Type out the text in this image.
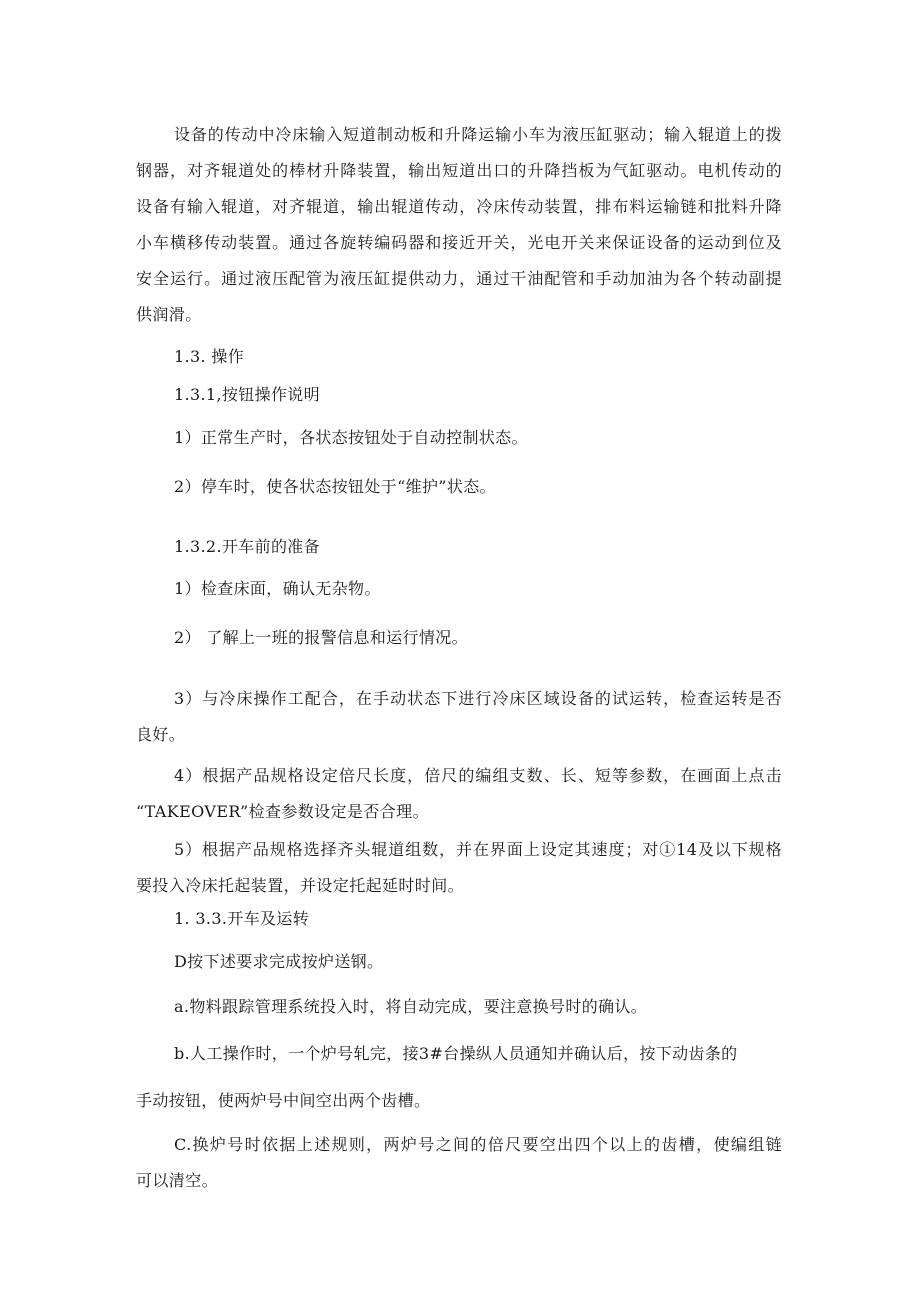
设备的传动中冷床输入短道制动板和升降运输小车为液压缸驱动；输入辊道上的拨
钢器，对齐辊道处的棒材升降装置，输出短道出口的升降挡板为气缸驱动。电机传动的
设备有输入辊道，对齐辊道，输出辊道传动，冷床传动装置，排布料运输链和批料升降
小车横移传动装置。通过各旋转编码器和接近开关，光电开关来保证设备的运动到位及
安全运行。通过液压配管为液压缸提供动力，通过干油配管和手动加油为各个转动副提
供润滑。

1.3. 操作

1.3.1,按钮操作说明

1）正常生产时，各状态按钮处于自动控制状态。

2）停车时，使各状态按钮处于“维护”状态。

1.3.2.开车前的准备

1）检查床面，确认无杂物。

2） 了解上一班的报警信息和运行情况。

3）与冷床操作工配合，在手动状态下进行冷床区域设备的试运转，检查运转是否
良好。
4）根据产品规格设定倍尺长度，倍尺的编组支数、长、短等参数，在画面上点击
“TAKEOVER”检查参数设定是否合理。
5）根据产品规格选择齐头辊道组数，并在界面上设定其速度；对①14及以下规格
要投入冷床托起装置，并设定托起延时时间。

1. 3.3.开车及运转

D按下述要求完成按炉送钢。

a.物料跟踪管理系统投入时，将自动完成，要注意换号时的确认。

b.人工操作时，一个炉号轧完，接3#台操纵人员通知并确认后，按下动齿条的

手动按钮，使两炉号中间空出两个齿槽。

C.换炉号时依据上述规则，两炉号之间的倍尺要空出四个以上的齿槽，使编组链
可以清空。
